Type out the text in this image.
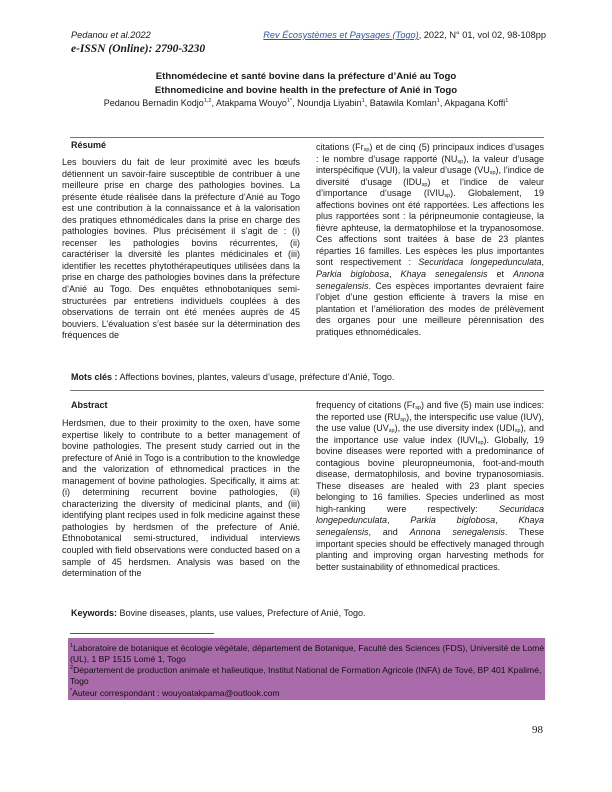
Pedanou et al.2022	Rev Écosystèmes et Paysages (Togo), 2022, N° 01, vol 02, 98-108pp
e-ISSN (Online): 2790-3230
Ethnomédecine et santé bovine dans la préfecture d’Anié au Togo
Ethnomedicine and bovine health in the prefecture of Anié in Togo
Pedanou Bernadin Kodjo$^{1,2}$, Atakpama Wouyo$^{1*}$, Noundja Liyabin$^1$, Batawila Komlan$^1$, Akpagana Koffi$^1$
Résumé
Les bouviers du fait de leur proximité avec les bœufs détiennent un savoir-faire susceptible de contribuer à une meilleure prise en charge des pathologies bovines. La présente étude réalisée dans la préfecture d’Anié au Togo est une contribution à la connaissance et à la valorisation des pratiques ethnomédicales dans la prise en charge des pathologies bovines. Plus précisément il s’agit de : (i) recenser les pathologies bovins récurrentes, (ii) caractériser la diversité les plantes médicinales et (iii) identifier les recettes phytothérapeutiques utilisées dans la prise en charge des pathologies bovines dans la préfecture d’Anié au Togo. Des enquêtes ethnobotaniques semi-structurées par entretiens individuels couplées à des observations de terrain ont été menées auprès de 45 bouviers. L’évaluation s’est basée sur la détermination des fréquences de
citations $(Fr_{sp})$ et de cinq (5) principaux indices d’usages : le nombre d’usage rapporté $(NU_{sp})$, la valeur d’usage interspécifique (VUI), la valeur d’usage $(VU_{sp})$, l’indice de diversité d’usage $(IDU_{sp})$ et l’indice de valeur d’importance d’usage $(IVIU_{sp})$. Globalement, 19 affections bovines ont été rapportées. Les affections les plus rapportées sont : la péripneumonie contagieuse, la fièvre aphteuse, la dermatophilose et la trypanosomose. Ces affections sont traitées à base de 23 plantes réparties 16 familles. Les espèces les plus importantes sont respectivement : Securidaca longepedunculata, Parkia biglobosa, Khaya senegalensis et Annona senegalensis. Ces espèces importantes devraient faire l’objet d’une gestion efficiente à travers la mise en plantation et l’amélioration des modes de prélèvement des organes pour une meilleure pérennisation des pratiques ethnomédicales.
Mots clés : Affections bovines, plantes, valeurs d’usage, préfecture d’Anié, Togo.
Abstract
Herdsmen, due to their proximity to the oxen, have some expertise likely to contribute to a better management of bovine pathologies. The present study carried out in the prefecture of Anié in Togo is a contribution to the knowledge and the valorization of ethnomedical practices in the management of bovine pathologies. Specifically, it aims at: (i) determining recurrent bovine pathologies, (ii) characterizing the diversity of medicinal plants, and (iii) identifying plant recipes used in folk medicine against these pathologies by herdsmen of the prefecture of Anié. Ethnobotanical semi-structured, individual interviews coupled with field observations were conducted based on a sample of 45 herdsmen. Analysis was based on the determination of the
frequency of citations $(Fr_{sp})$ and five (5) main use indices: the reported use $(RU_{sp})$, the interspecific use value (IUV), the use value $(UV_{sp})$, the use diversity index $(UDI_{sp})$, and the importance use value index $(IUVI_{sp})$. Globally, 19 bovine diseases were reported with a predominance of contagious bovine pleuropneumonia, foot-and-mouth disease, dermatophilosis, and bovine trypanosomiasis. These diseases are healed with 23 plant species belonging to 16 families. Species underlined as most high-ranking were respectively: Securidaca longepedunculata, Parkia biglobosa, Khaya senegalensis, and Annona senegalensis. These important species should be effectively managed through planting and improving organ harvesting methods for better sustainability of ethnomedical practices.
Keywords: Bovine diseases, plants, use values, Prefecture of Anié, Togo.
$^1$Laboratoire de botanique et écologie végétale, département de Botanique, Faculté des Sciences (FDS), Université de Lomé (UL), 1 BP 1515 Lomé 1, Togo
$^2$Département de production animale et halieutique, Institut National de Formation Agricole (INFA) de Tové, BP 401 Kpalimé, Togo
*Auteur correspondant : wouyoatakpama@outlook.com
98
